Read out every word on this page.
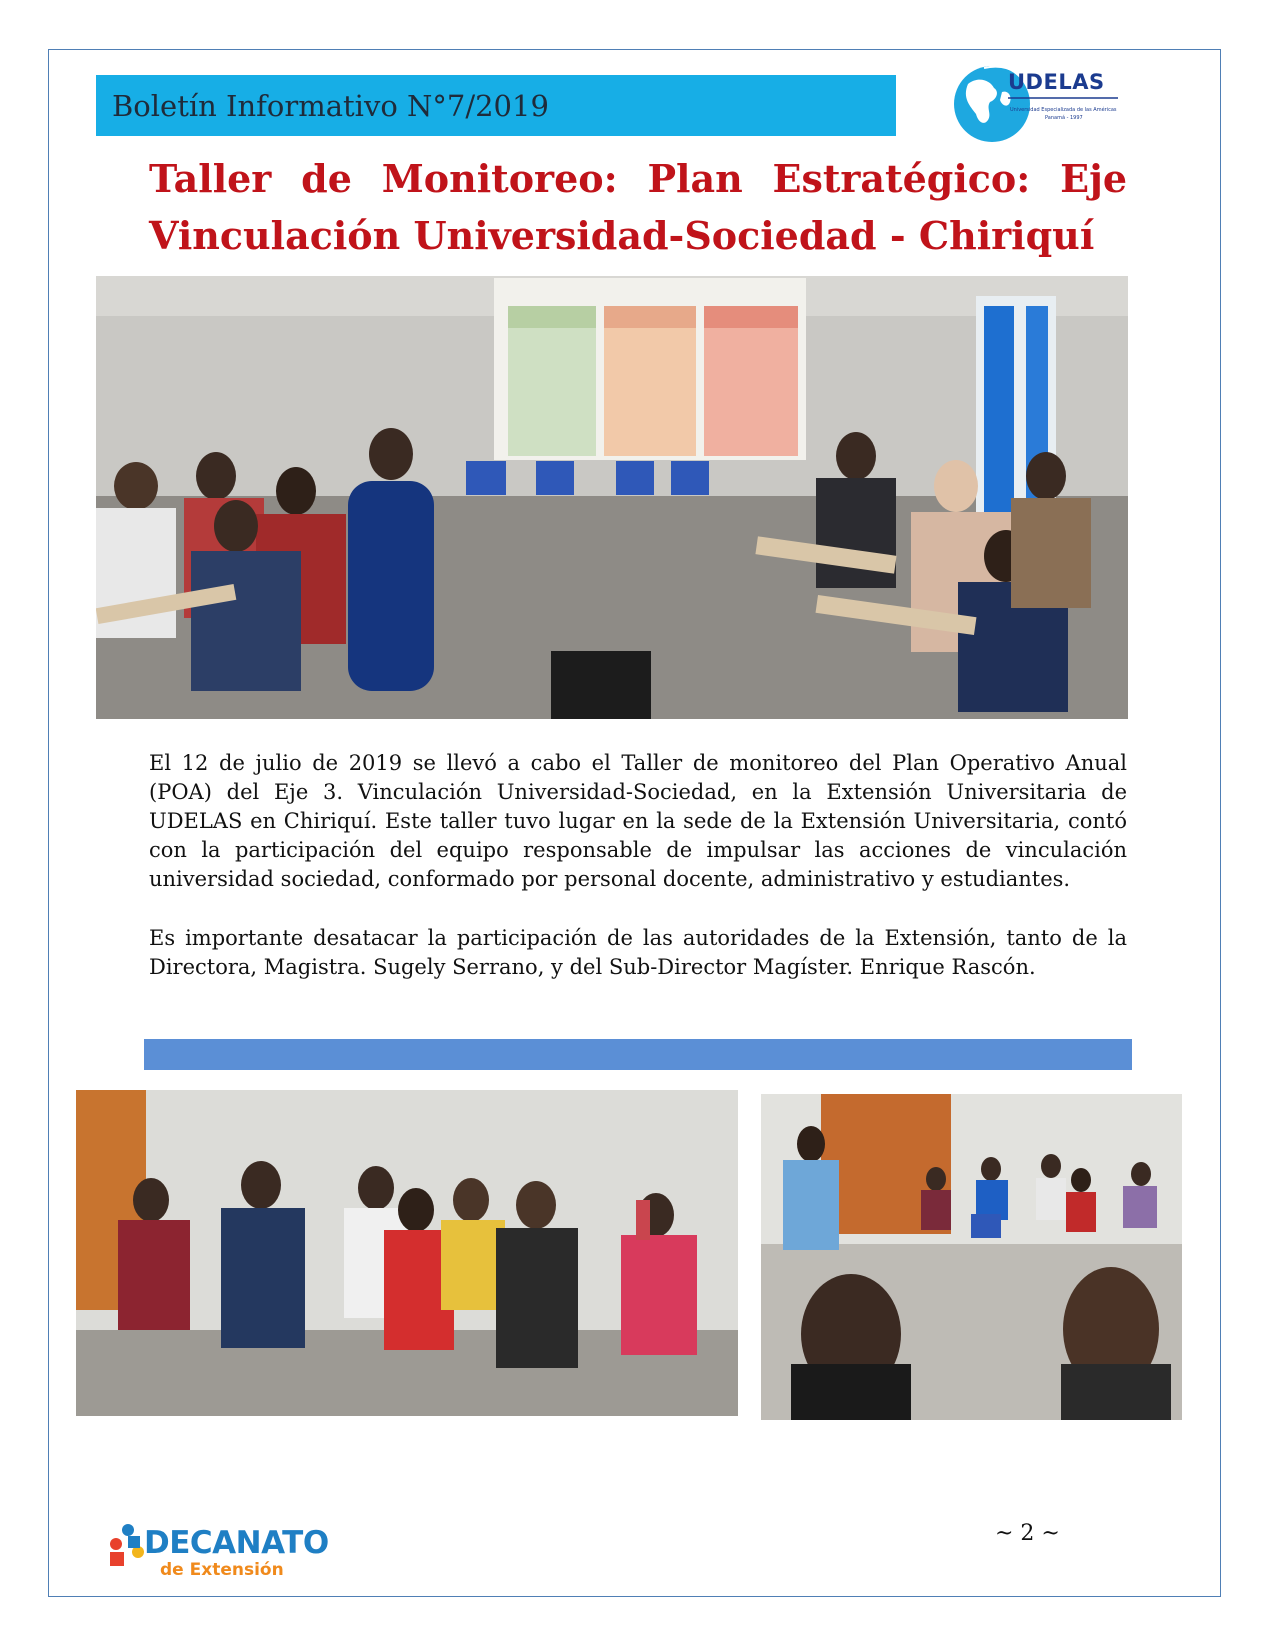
Boletín Informativo N°7/2019
UDELAS
Universidad Especializada de las Américas
Panamá - 1997
Taller de Monitoreo: Plan Estratégico: Eje
Vinculación Universidad-Sociedad - Chiriquí

El 12 de julio de 2019 se llevó a cabo el Taller de monitoreo del Plan Operativo Anual (POA) del Eje 3. Vinculación Universidad-Sociedad, en la Extensión Universitaria de UDELAS en Chiriquí. Este taller tuvo lugar en la sede de la Extensión Universitaria, contó con la participación del equipo responsable de impulsar las acciones de vinculación universidad sociedad, conformado por personal docente, administrativo y estudiantes.

Es importante desatacar la participación de las autoridades de la Extensión, tanto de la Directora, Magistra. Sugely Serrano, y del Sub-Director Magíster. Enrique Rascón.

DECANATO
de Extensión
~ 2 ~
